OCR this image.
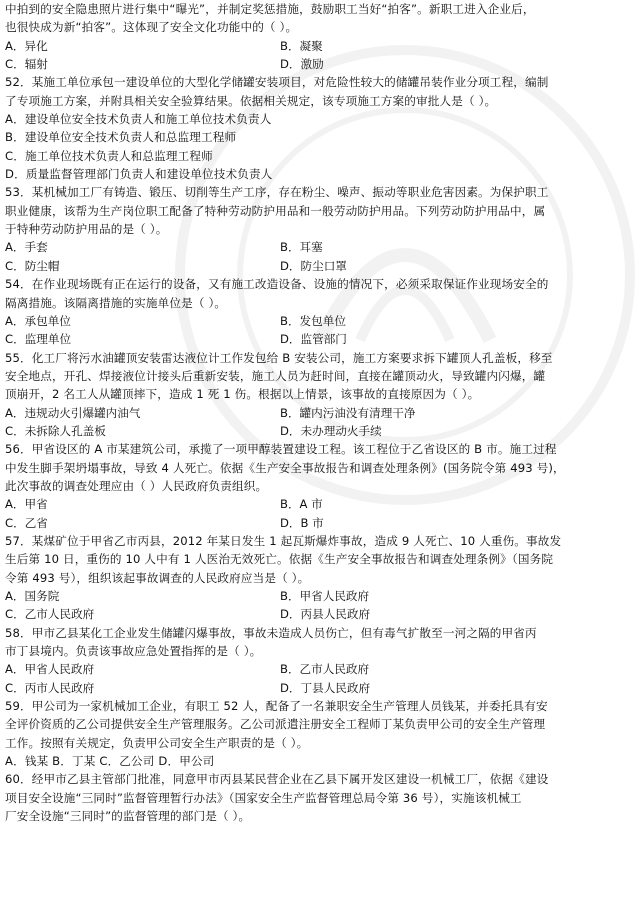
中拍到的安全隐患照片进行集中“曝光”，并制定奖惩措施，鼓励职工当好“拍客”。新职工进入企业后，
也很快成为新“拍客”。这体现了安全文化功能中的（ ）。
A．异化	B．凝聚
C．辐射	D．激励
52．某施工单位承包一建设单位的大型化学储罐安装项目，对危险性较大的储罐吊装作业分项工程，编制
了专项施工方案，并附具相关安全验算结果。依据相关规定，该专项施工方案的审批人是（ ）。
A．建设单位安全技术负责人和施工单位技术负责人
B．建设单位安全技术负责人和总监理工程师
C．施工单位技术负责人和总监理工程师
D．质量监督管理部门负责人和建设单位技术负责人
53．某机械加工厂有铸造、锻压、切削等生产工序，存在粉尘、噪声、振动等职业危害因素。为保护职工
职业健康，该帮为生产岗位职工配备了特种劳动防护用品和一般劳动防护用品。下列劳动防护用品中，属
于特种劳动防护用品的是（ ）。
A．手套	B．耳塞
C．防尘帽	D．防尘口罩
54．在作业现场既有正在运行的设备，又有施工改造设备、设施的情况下，必须采取保证作业现场安全的
隔离措施。该隔离措施的实施单位是（ ）。
A．承包单位	B．发包单位
C．监理单位	D．监管部门
55．化工厂将污水油罐顶安装雷达液位计工作发包给 B 安装公司，施工方案要求拆下罐顶人孔盖板，移至
安全地点，开孔、焊接液位计接头后重新安装，施工人员为赶时间，直接在罐顶动火，导致罐内闪爆，罐
顶崩开，2 名工人从罐顶摔下，造成 1 死 1 伤。根据以上情景，该事故的直接原因为（ ）。
A．违规动火引爆罐内油气	B．罐内污油没有清理干净
C．未拆除人孔盖板	D．未办理动火手续
56．甲省设区的 A 市某建筑公司，承揽了一项甲醇装置建设工程。该工程位于乙省设区的 B 市。施工过程
中发生脚手架坍塌事故，导致 4 人死亡。依据《生产安全事故报告和调查处理条例》(国务院令第 493 号)，
此次事故的调查处理应由（ ）人民政府负责组织。
A．甲省	B．A 市
C．乙省	D．B 市
57．某煤矿位于甲省乙市丙县，2012 年某日发生 1 起瓦斯爆炸事故，造成 9 人死亡、10 人重伤。事故发
生后第 10 日，重伤的 10 人中有 1 人医治无效死亡。依据《生产安全事故报告和调查处理条例》（国务院
令第 493 号），组织该起事故调查的人民政府应当是（ ）。
A．国务院	B．甲省人民政府
C．乙市人民政府	D．丙县人民政府
58．甲市乙县某化工企业发生储罐闪爆事故，事故未造成人员伤亡，但有毒气扩散至一河之隔的甲省丙
市丁县境内。负责该事故应急处置指挥的是（ ）。
A．甲省人民政府	B．乙市人民政府
C．丙市人民政府	D．丁县人民政府
59．甲公司为一家机械加工企业，有职工 52 人，配备了一名兼职安全生产管理人员钱某，并委托具有安
全评价资质的乙公司提供安全生产管理服务。乙公司派遣注册安全工程师丁某负责甲公司的安全生产管理
工作。按照有关规定，负责甲公司安全生产职责的是（ ）。
A．钱某 B．丁某 C．乙公司 D．甲公司
60．经甲市乙县主管部门批准，同意甲市丙县某民营企业在乙县下属开发区建设一机械工厂，依据《建设
项目安全设施“三同时”监督管理暂行办法》（国家安全生产监督管理总局令第 36 号），实施该机械工
厂安全设施“三同时”的监督管理的部门是（ ）。
